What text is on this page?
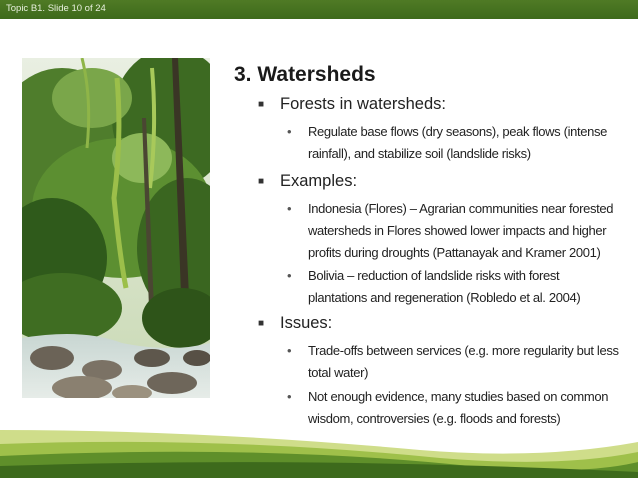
Topic B1. Slide 10 of 24
3. Watersheds
■ Forests in watersheds:
• Regulate base flows (dry seasons), peak flows (intense rainfall), and stabilize soil (landslide risks)
■ Examples:
• Indonesia (Flores) – Agrarian communities near forested watersheds in Flores showed lower impacts and higher profits during droughts (Pattanayak and Kramer 2001)
• Bolivia – reduction of landslide risks with forest plantations and regeneration (Robledo et al. 2004)
■ Issues:
• Trade-offs between services (e.g. more regularity but less total water)
• Not enough evidence, many studies based on common wisdom, controversies (e.g. floods and forests)
